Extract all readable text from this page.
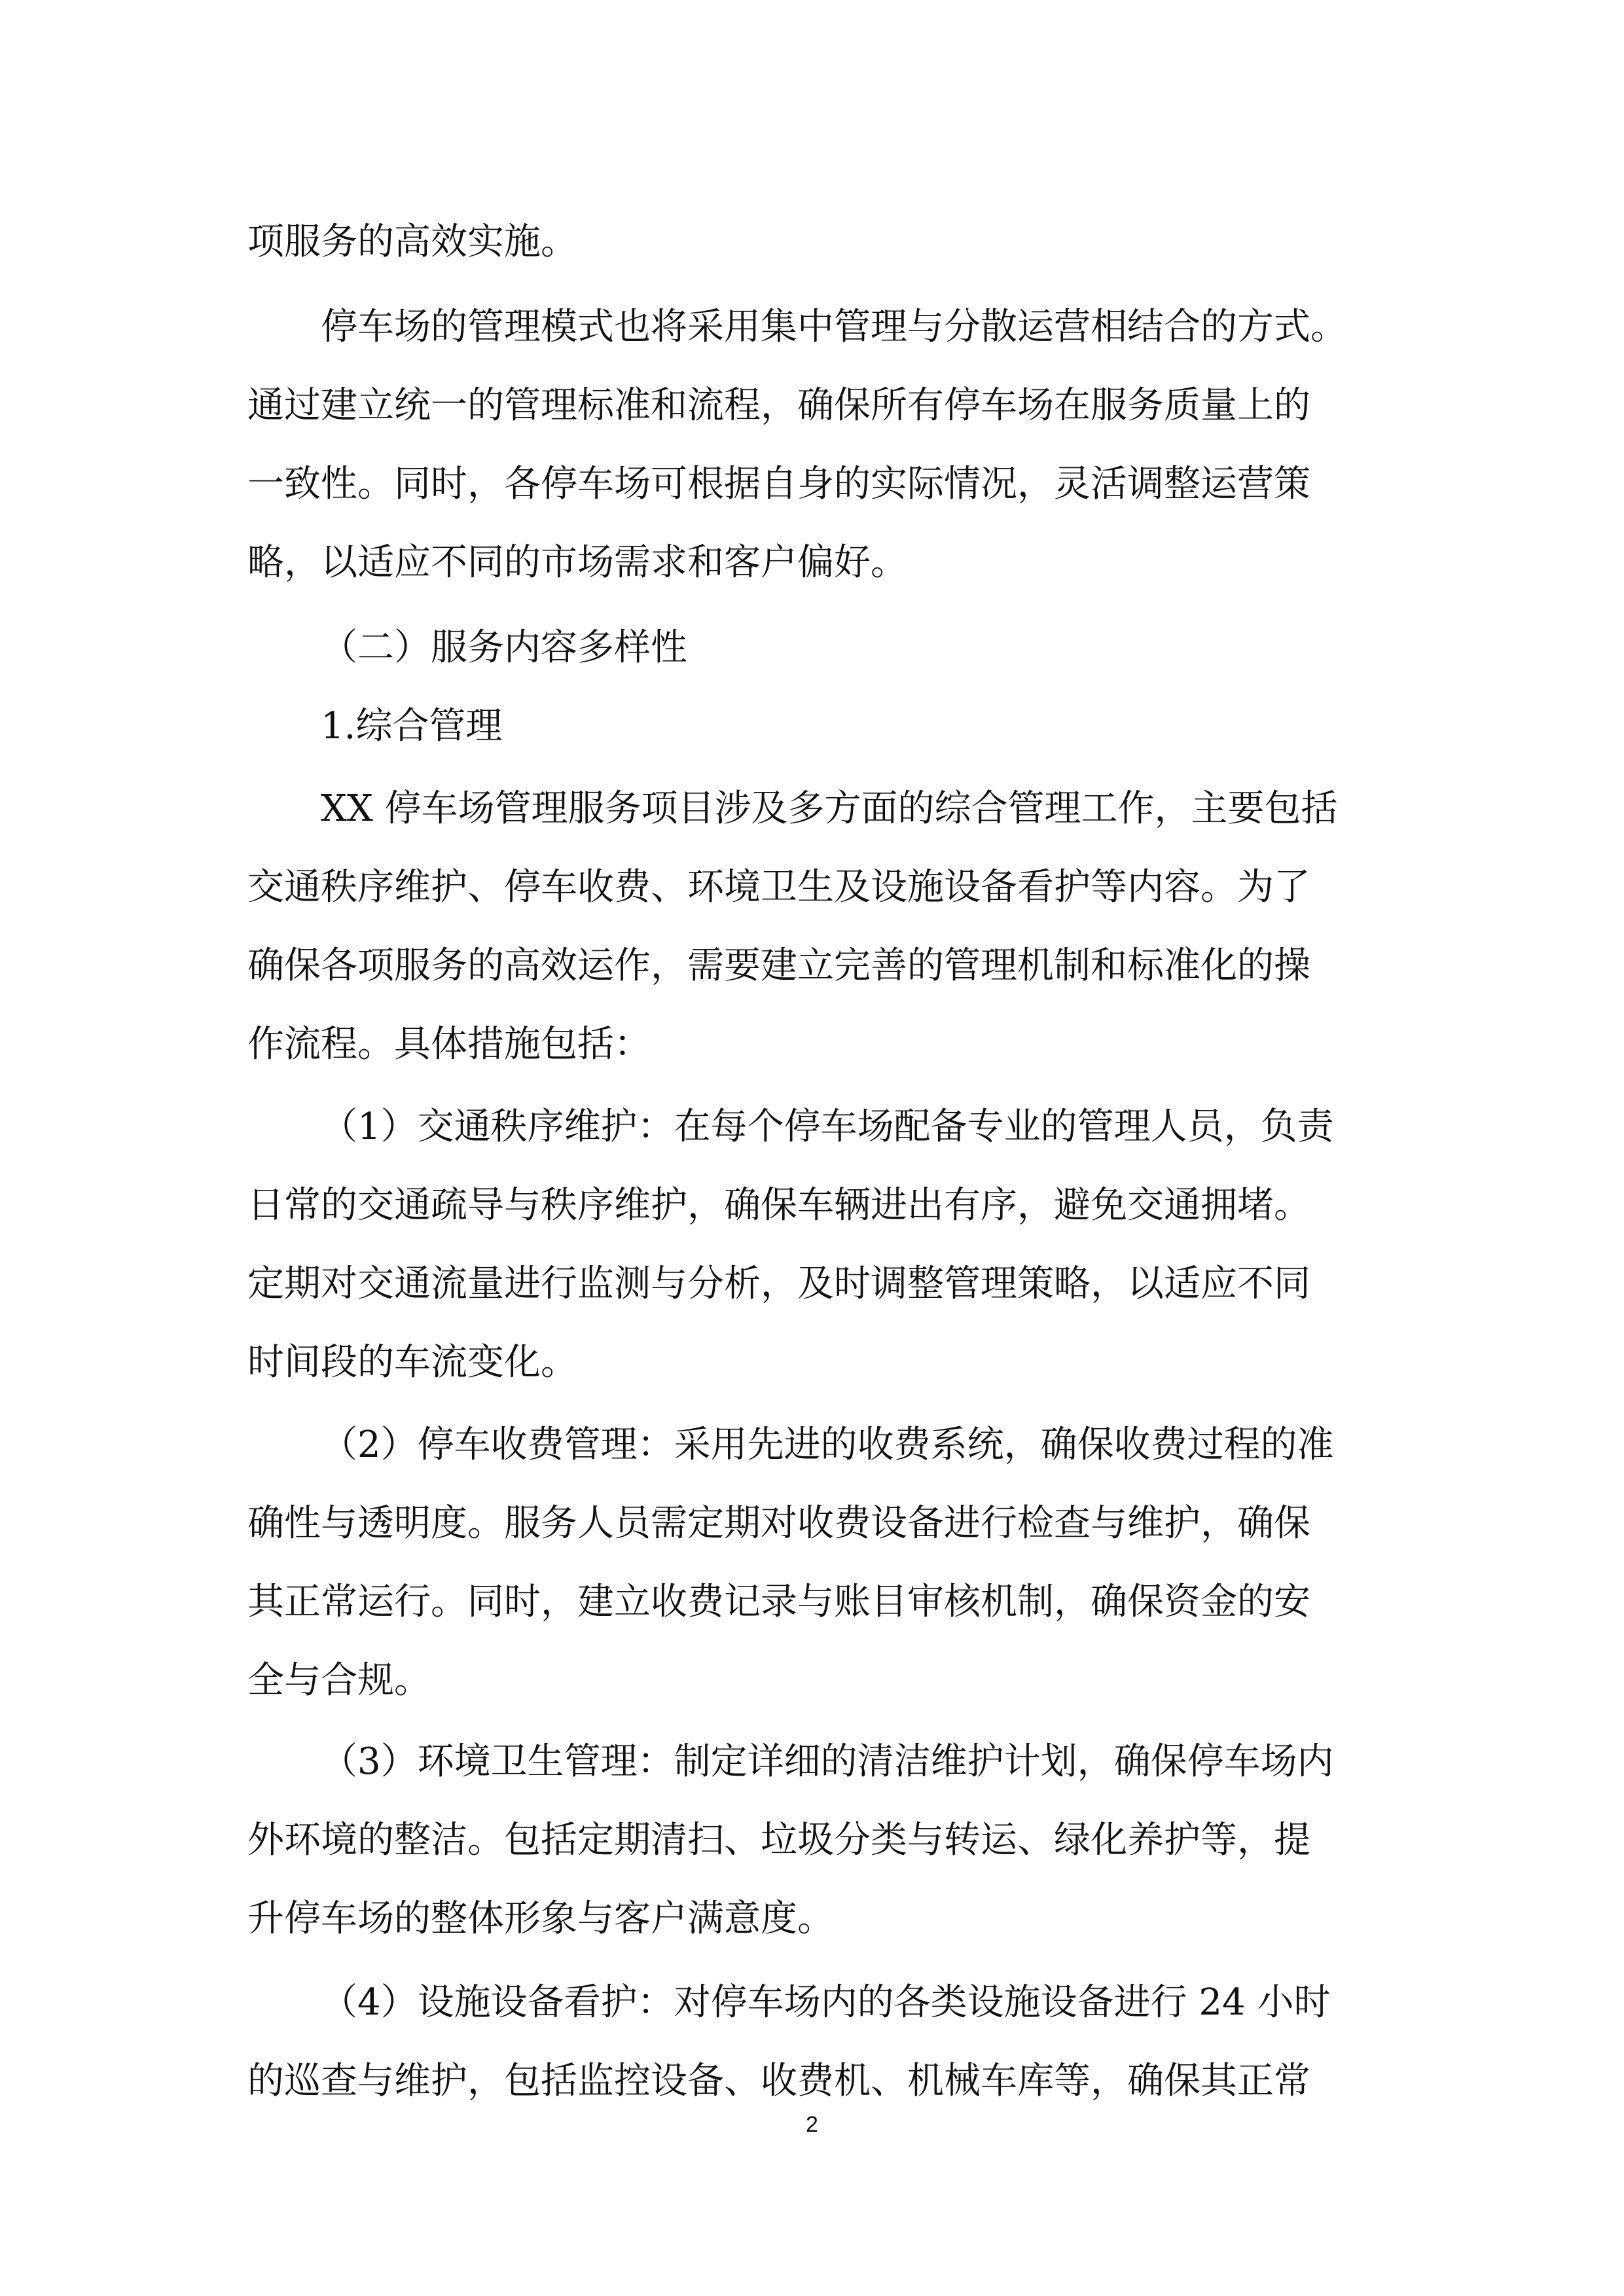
项服务的高效实施。
停车场的管理模式也将采用集中管理与分散运营相结合的方式。
通过建立统一的管理标准和流程，确保所有停车场在服务质量上的
一致性。同时，各停车场可根据自身的实际情况，灵活调整运营策
略，以适应不同的市场需求和客户偏好。
（二）服务内容多样性
1.综合管理
XX 停车场管理服务项目涉及多方面的综合管理工作，主要包括
交通秩序维护、停车收费、环境卫生及设施设备看护等内容。为了
确保各项服务的高效运作，需要建立完善的管理机制和标准化的操
作流程。具体措施包括：
（1）交通秩序维护：在每个停车场配备专业的管理人员，负责
日常的交通疏导与秩序维护，确保车辆进出有序，避免交通拥堵。
定期对交通流量进行监测与分析，及时调整管理策略，以适应不同
时间段的车流变化。
（2）停车收费管理：采用先进的收费系统，确保收费过程的准
确性与透明度。服务人员需定期对收费设备进行检查与维护，确保
其正常运行。同时，建立收费记录与账目审核机制，确保资金的安
全与合规。
（3）环境卫生管理：制定详细的清洁维护计划，确保停车场内
外环境的整洁。包括定期清扫、垃圾分类与转运、绿化养护等，提
升停车场的整体形象与客户满意度。
（4）设施设备看护：对停车场内的各类设施设备进行 24 小时
的巡查与维护，包括监控设备、收费机、机械车库等，确保其正常
2
